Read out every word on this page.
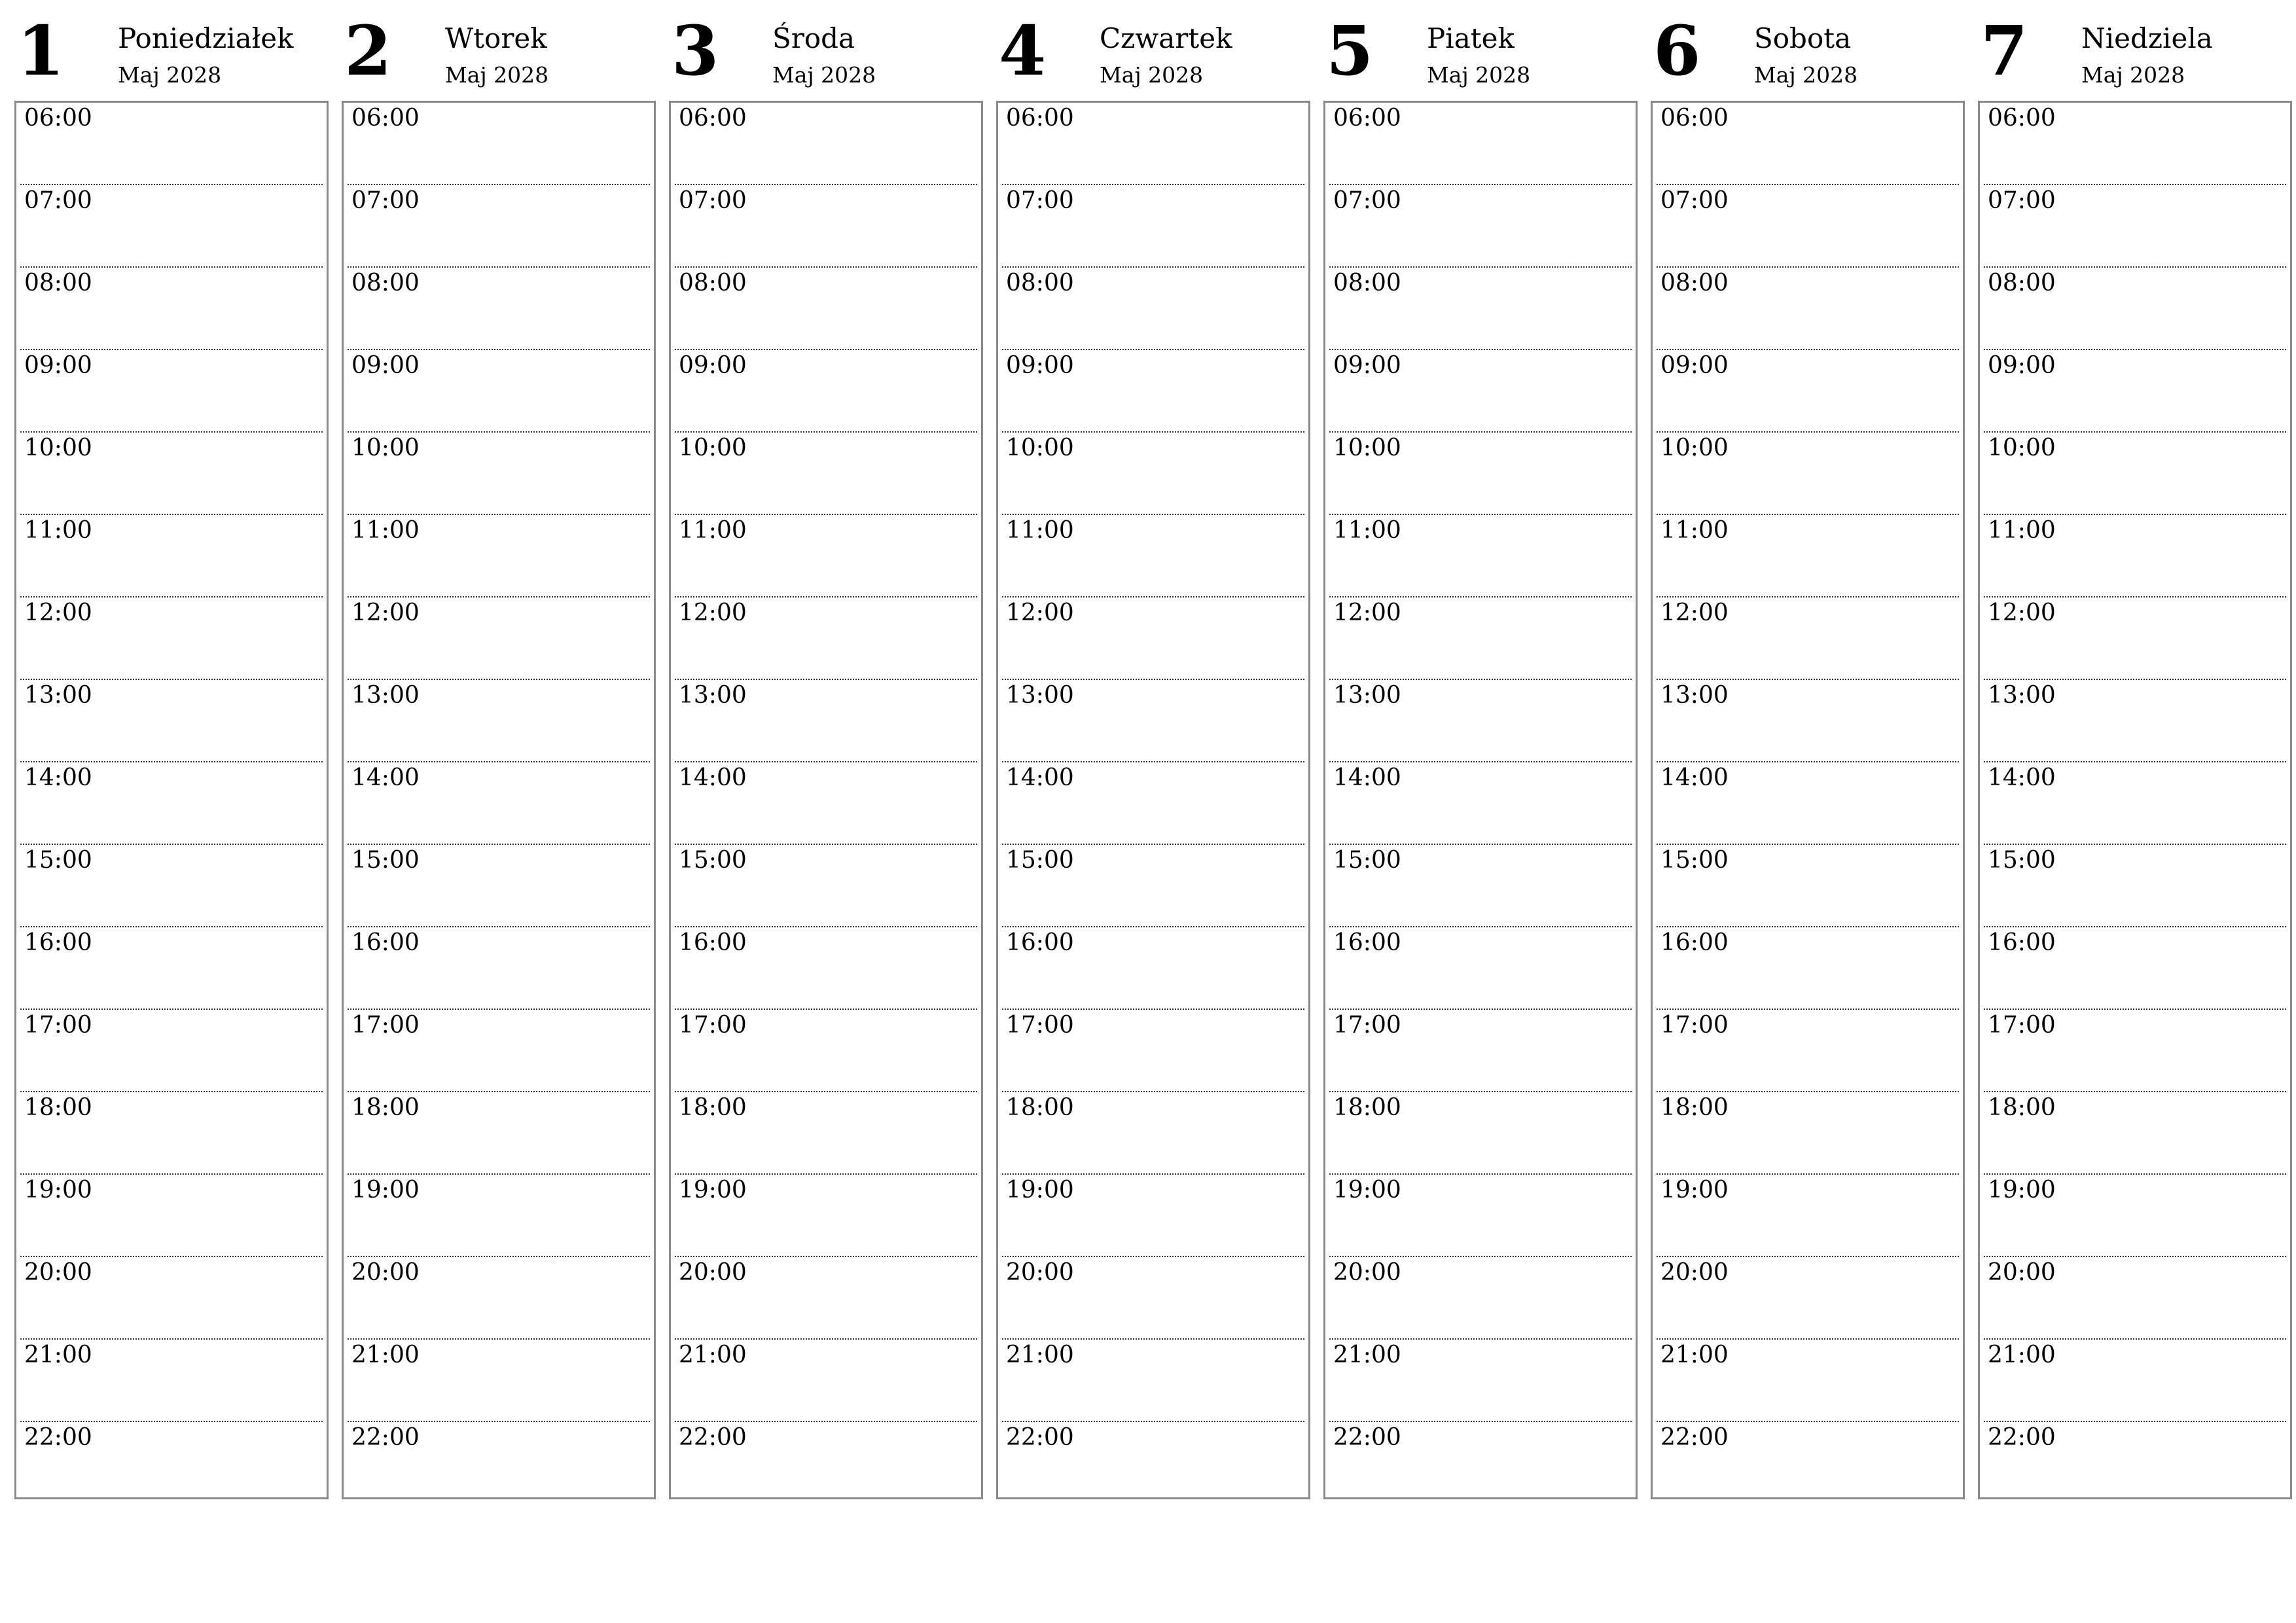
1 Poniedziałek
Maj 2028
06:00
07:00
08:00
09:00
10:00
11:00
12:00
13:00
14:00
15:00
16:00
17:00
18:00
19:00
20:00
21:00
22:00
2 Wtorek
Maj 2028
06:00
07:00
08:00
09:00
10:00
11:00
12:00
13:00
14:00
15:00
16:00
17:00
18:00
19:00
20:00
21:00
22:00
3 Środa
Maj 2028
06:00
07:00
08:00
09:00
10:00
11:00
12:00
13:00
14:00
15:00
16:00
17:00
18:00
19:00
20:00
21:00
22:00
4 Czwartek
Maj 2028
06:00
07:00
08:00
09:00
10:00
11:00
12:00
13:00
14:00
15:00
16:00
17:00
18:00
19:00
20:00
21:00
22:00
5 Piatek
Maj 2028
06:00
07:00
08:00
09:00
10:00
11:00
12:00
13:00
14:00
15:00
16:00
17:00
18:00
19:00
20:00
21:00
22:00
6 Sobota
Maj 2028
06:00
07:00
08:00
09:00
10:00
11:00
12:00
13:00
14:00
15:00
16:00
17:00
18:00
19:00
20:00
21:00
22:00
7 Niedziela
Maj 2028
06:00
07:00
08:00
09:00
10:00
11:00
12:00
13:00
14:00
15:00
16:00
17:00
18:00
19:00
20:00
21:00
22:00
